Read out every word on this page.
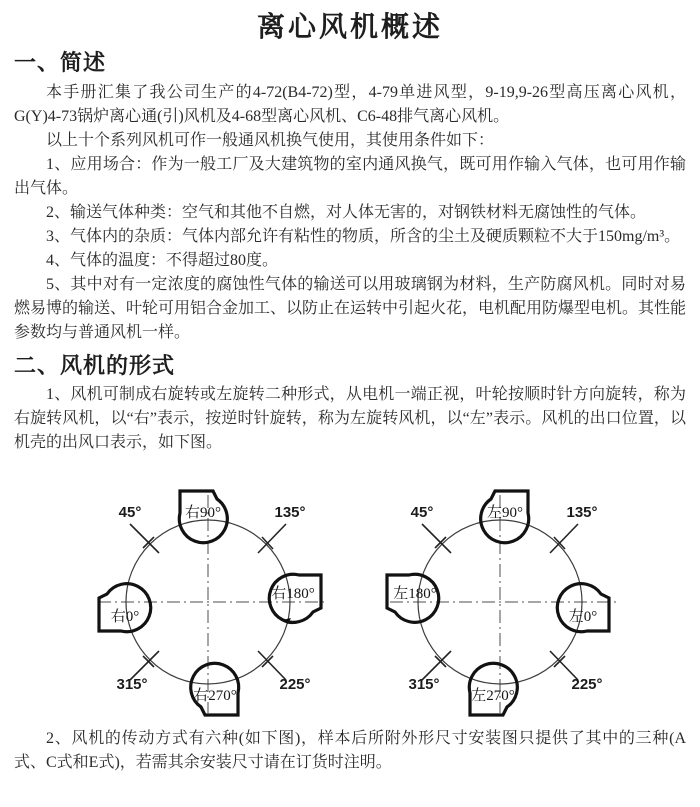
离心风机概述
一、简述

本手册汇集了我公司生产的4-72(B4-72)型，4-79单进风型，9-19,9-26型高压离心风机，G(Y)4-73锅炉离心通(引)风机及4-68型离心风机、C6-48排气离心风机。

以上十个系列风机可作一般通风机换气使用，其使用条件如下：

1、应用场合：作为一般工厂及大建筑物的室内通风换气，既可用作输入气体，也可用作输出气体。

2、输送气体种类：空气和其他不自燃，对人体无害的，对钢铁材料无腐蚀性的气体。

3、气体内的杂质：气体内部允许有粘性的物质，所含的尘土及硬质颗粒不大于150mg/m³。

4、气体的温度：不得超过80度。

5、其中对有一定浓度的腐蚀性气体的输送可以用玻璃钢为材料，生产防腐风机。同时对易燃易博的输送、叶轮可用铝合金加工、以防止在运转中引起火花，电机配用防爆型电机。其性能参数均与普通风机一样。

二、风机的形式

1、风机可制成右旋转或左旋转二种形式，从电机一端正视，叶轮按顺时针方向旋转，称为右旋转风机，以“右”表示，按逆时针旋转，称为左旋转风机，以“左”表示。风机的出口位置，以机壳的出风口表示，如下图。

45°	135°
225°
315°
右90°
右180°
右270°
右0°
45°	135°
225°
315°
左90°
左0°
左270°
左180°

2、风机的传动方式有六种(如下图)，样本后所附外形尺寸安装图只提供了其中的三种(A式、C式和E式)，若需其余安装尺寸请在订货时注明。
